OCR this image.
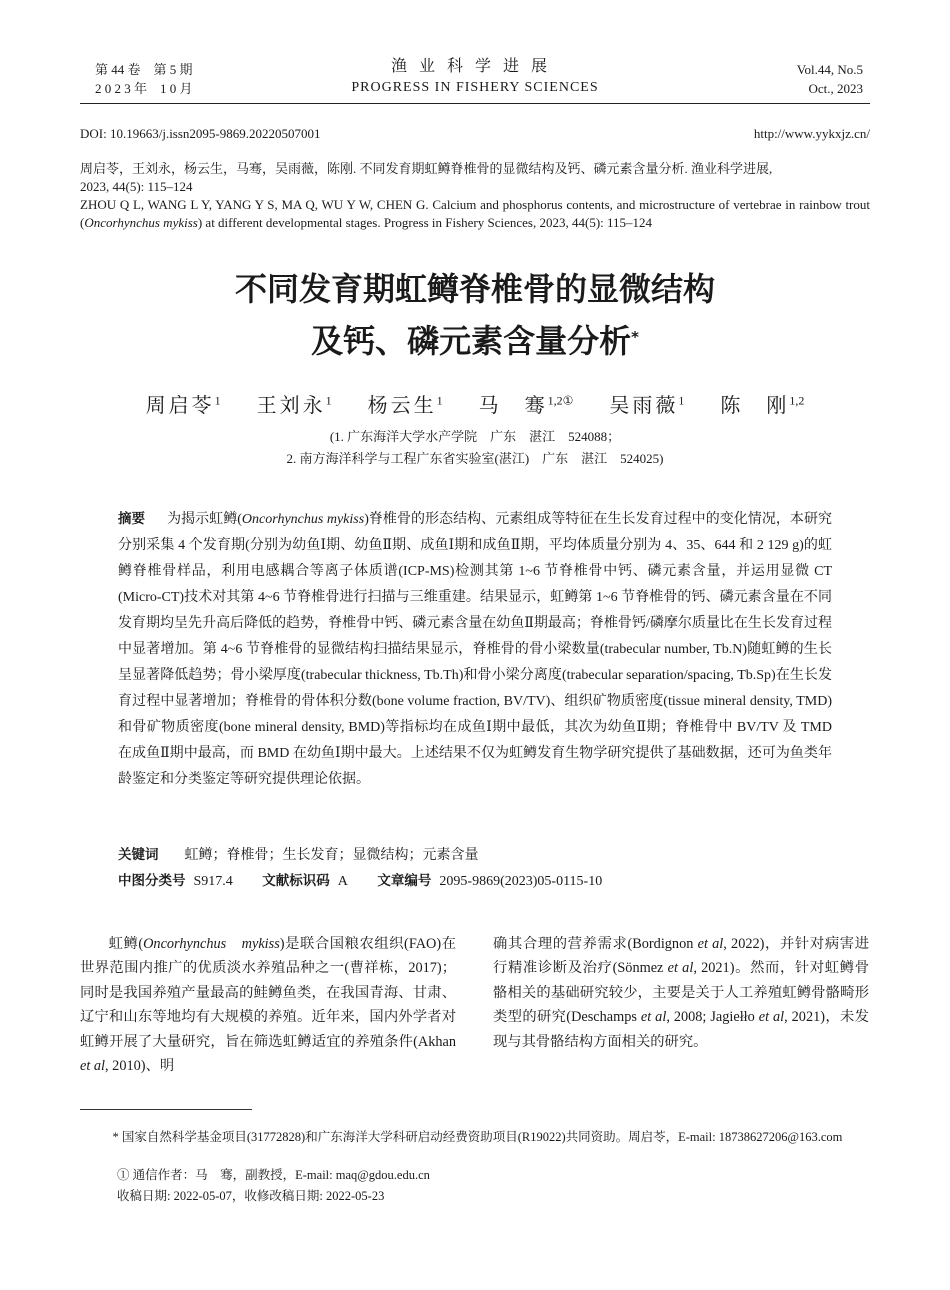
第 44 卷　第 5 期
2 0 2 3 年　1 0 月
渔业科学进展
PROGRESS IN FISHERY SCIENCES
Vol.44, No.5
Oct., 2023
DOI: 10.19663/j.issn2095-9869.20220507001	http://www.yykxjz.cn/
周启苓，王刘永，杨云生，马骞，吴雨薇，陈刚. 不同发育期虹鳟脊椎骨的显微结构及钙、磷元素含量分析. 渔业科学进展,
2023, 44(5): 115–124
ZHOU Q L, WANG L Y, YANG Y S, MA Q, WU Y W, CHEN G. Calcium and phosphorus contents, and microstructure of vertebrae in rainbow trout (Oncorhynchus mykiss) at different developmental stages. Progress in Fishery Sciences, 2023, 44(5): 115–124
不同发育期虹鳟脊椎骨的显微结构
及钙、磷元素含量分析*
周启苓$^1$ 王刘永$^1$ 杨云生$^1$ 马　骞$^{1,2①}$ 吴雨薇$^1$ 陈　刚$^{1,2}$
(1. 广东海洋大学水产学院　广东　湛江　524088；
2. 南方海洋科学与工程广东省实验室(湛江)　广东　湛江　524025)
摘要 为揭示虹鳟(Oncorhynchus mykiss)脊椎骨的形态结构、元素组成等特征在生长发育过程中的变化情况，本研究分别采集 4 个发育期(分别为幼鱼Ⅰ期、幼鱼Ⅱ期、成鱼Ⅰ期和成鱼Ⅱ期，平均体质量分别为 4、35、644 和 2 129 g)的虹鳟脊椎骨样品，利用电感耦合等离子体质谱(ICP-MS)检测其第 1~6 节脊椎骨中钙、磷元素含量，并运用显微 CT (Micro-CT)技术对其第 4~6 节脊椎骨进行扫描与三维重建。结果显示，虹鳟第 1~6 节脊椎骨的钙、磷元素含量在不同发育期均呈先升高后降低的趋势，脊椎骨中钙、磷元素含量在幼鱼Ⅱ期最高；脊椎骨钙/磷摩尔质量比在生长发育过程中显著增加。第 4~6 节脊椎骨的显微结构扫描结果显示，脊椎骨的骨小梁数量(trabecular number, Tb.N)随虹鳟的生长呈显著降低趋势；骨小梁厚度(trabecular thickness, Tb.Th)和骨小梁分离度(trabecular separation/spacing, Tb.Sp)在生长发育过程中显著增加；脊椎骨的骨体积分数(bone volume fraction, BV/TV)、组织矿物质密度(tissue mineral density, TMD)和骨矿物质密度(bone mineral density, BMD)等指标均在成鱼Ⅰ期中最低，其次为幼鱼Ⅱ期；脊椎骨中 BV/TV 及 TMD 在成鱼Ⅱ期中最高，而 BMD 在幼鱼Ⅰ期中最大。上述结果不仅为虹鳟发育生物学研究提供了基础数据，还可为鱼类年龄鉴定和分类鉴定等研究提供理论依据。
关键词 虹鳟；脊椎骨；生长发育；显微结构；元素含量
中图分类号 S917.4 文献标识码 A 文章编号 2095-9869(2023)05-0115-10
虹鳟(Oncorhynchus　mykiss)是联合国粮农组织(FAO)在世界范围内推广的优质淡水养殖品种之一(曹祥栋，2017)；同时是我国养殖产量最高的鲑鳟鱼类，在我国青海、甘肃、辽宁和山东等地均有大规模的养殖。近年来，国内外学者对虹鳟开展了大量研究，旨在筛选虹鳟适宜的养殖条件(Akhan et al, 2010)、明
确其合理的营养需求(Bordignon et al, 2022)，并针对病害进行精准诊断及治疗(Sönmez et al, 2021)。然而，针对虹鳟骨骼相关的基础研究较少，主要是关于人工养殖虹鳟骨骼畸形类型的研究(Deschamps et al, 2008; Jagiełło et al, 2021)，未发现与其骨骼结构方面相关的研究。
* 国家自然科学基金项目(31772828)和广东海洋大学科研启动经费资助项目(R19022)共同资助。周启苓，E-mail: 18738627206@163.com
① 通信作者：马　骞，副教授，E-mail: maq@gdou.edu.cn
收稿日期: 2022-05-07，收修改稿日期: 2022-05-23
